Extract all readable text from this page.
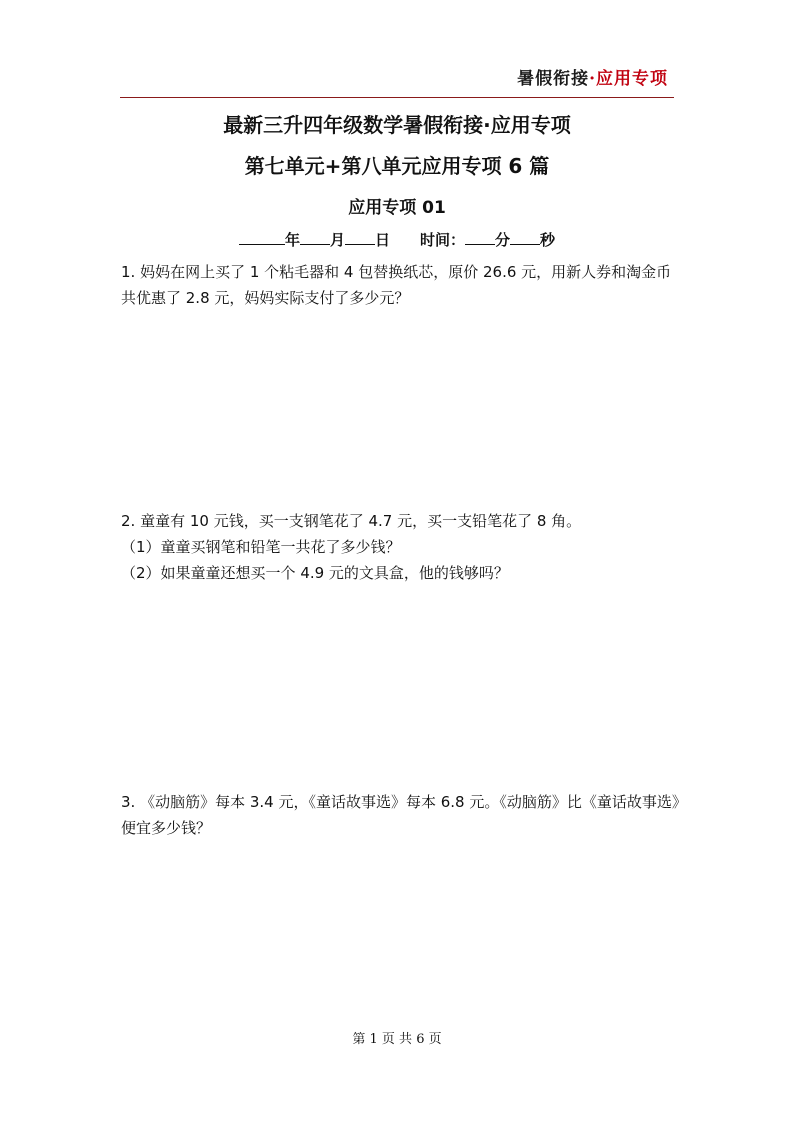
暑假衔接·应用专项
最新三升四年级数学暑假衔接·应用专项
第七单元+第八单元应用专项 6 篇
应用专项 01
年 月 日 时间： 分 秒
1. 妈妈在网上买了 1 个粘毛器和 4 包替换纸芯，原价 26.6 元，用新人券和淘金币共优惠了 2.8 元，妈妈实际支付了多少元？
2. 童童有 10 元钱，买一支钢笔花了 4.7 元，买一支铅笔花了 8 角。
（1）童童买钢笔和铅笔一共花了多少钱？
（2）如果童童还想买一个 4.9 元的文具盒，他的钱够吗？
3. 《动脑筋》每本 3.4 元，《童话故事选》每本 6.8 元。《动脑筋》比《童话故事选》便宜多少钱？
第 1 页 共 6 页
